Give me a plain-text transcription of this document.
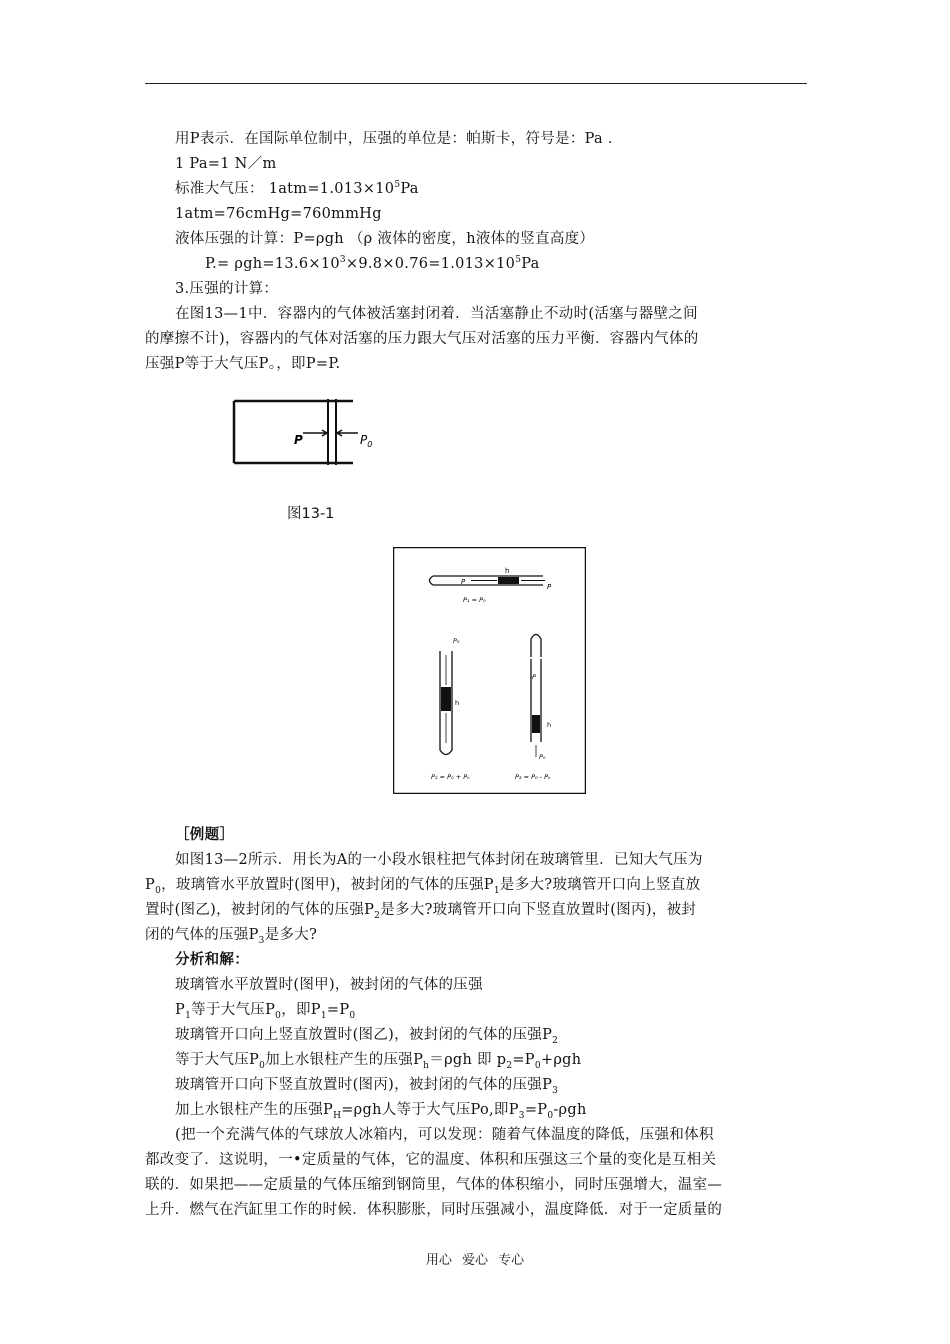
用P表示．在国际单位制中，压强的单位是：帕斯卡，符号是：Pa ．
1 Pa=1 N／m
标准大气压： $1atm=1.013\times 10^5Pa$
1atm=76cmHg=760mmHg
液体压强的计算：P=ρgh （ρ 液体的密度，h液体的竖直高度）
$P.= \rho gh=13.6\times 10^3\times 9.8\times 0.76=1.013\times 10^5Pa$
3.压强的计算：
在图13—1中．容器内的气体被活塞封闭着．当活塞静止不动时(活塞与器壁之间
的摩擦不计)，容器内的气体对活塞的压力跟大气压对活塞的压力平衡．容器内气体的
压强P等于大气压P。，即P=P.
P	$P_0$
图13-1
h
P
P
P₁ = P₀
P₀
h
P₂ = P₀ + Pₕ
P
h
P₀
P₃ = P₀ - Pₕ
［例题］
如图13—2所示．用长为A的一小段水银柱把气体封闭在玻璃管里．已知大气压为
$P_0$，玻璃管水平放置时(图甲)，被封闭的气体的压强$P_1$是多大?玻璃管开口向上竖直放
置时(图乙)，被封闭的气体的压强$P_2$是多大?玻璃管开口向下竖直放置时(图丙)，被封
闭的气体的压强$P_3$是多大?
分析和解：
玻璃管水平放置时(图甲)，被封闭的气体的压强
$P_1$等于大气压$P_0$，即$P_1=P_0$
玻璃管开口向上竖直放置时(图乙)，被封闭的气体的压强$P_2$
等于大气压$P_0$加上水银柱产生的压强$P_h=\rho gh$ 即 $p_2=P_0+\rho gh$
玻璃管开口向下竖直放置时(图丙)，被封闭的气体的压强$P_3$
加上水银柱产生的压强$P_H=\rho gh$人等于大气压Po,即$P_3=P_0$-ρgh
(把一个充满气体的气球放人冰箱内，可以发现：随着气体温度的降低，压强和体积
都改变了．这说明，一•定质量的气体，它的温度、体积和压强这三个量的变化是互相关
联的．如果把——定质量的气体压缩到钢筒里，气体的体积缩小，同时压强增大，温室—
上升．燃气在汽缸里工作的时候．体积膨胀，同时压强减小，温度降低．对于一定质量的
用心 爱心 专心
